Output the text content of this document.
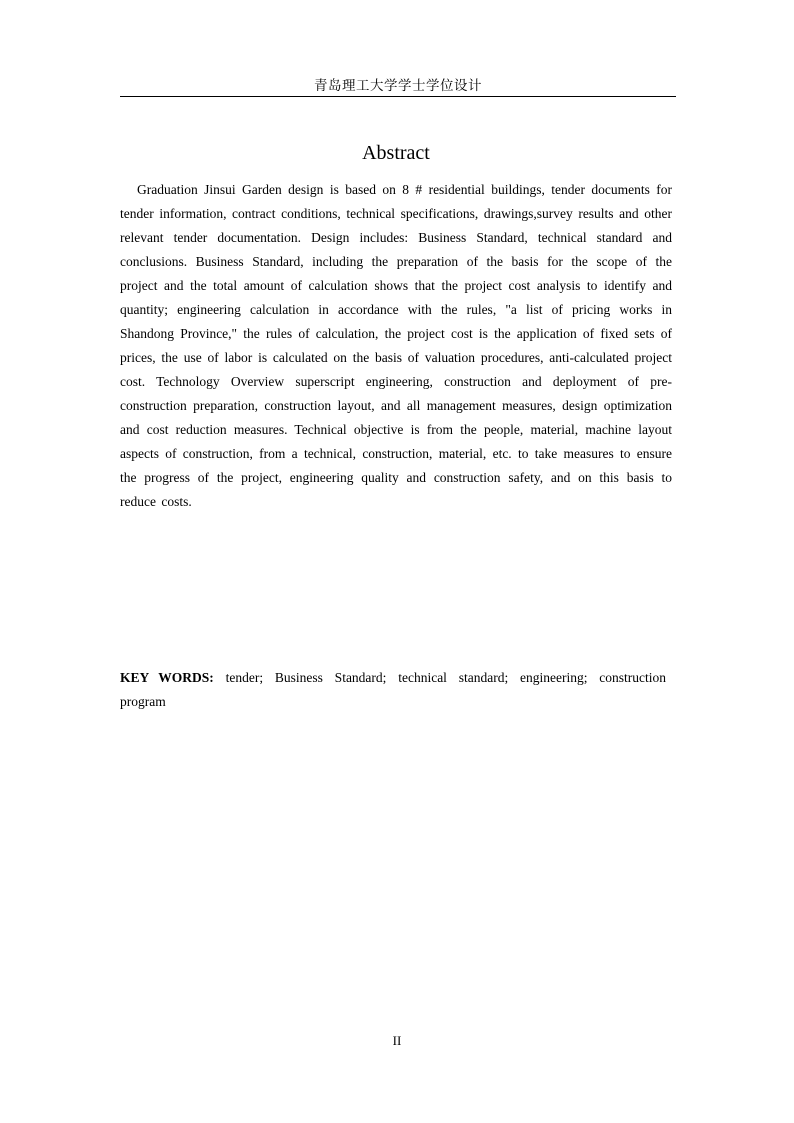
青岛理工大学学士学位设计
Abstract

Graduation Jinsui Garden design is based on 8 # residential buildings, tender documents for tender information, contract conditions, technical specifications, drawings,survey results and other relevant tender documentation. Design includes: Business Standard, technical standard and conclusions. Business Standard, including the preparation of the basis for the scope of the project and the total amount of calculation shows that the project cost analysis to identify and quantity; engineering calculation in accordance with the rules, "a list of pricing works in Shandong Province," the rules of calculation, the project cost is the application of fixed sets of prices, the use of labor is calculated on the basis of valuation procedures, anti-calculated project cost. Technology Overview superscript engineering, construction and deployment of pre-construction preparation, construction layout, and all management measures, design optimization and cost reduction measures. Technical objective is from the people, material, machine layout aspects of construction, from a technical, construction, material, etc. to take measures to ensure the progress of the project, engineering quality and construction safety, and on this basis to reduce costs.

KEY WORDS: tender; Business Standard; technical standard; engineering; construction program

II
